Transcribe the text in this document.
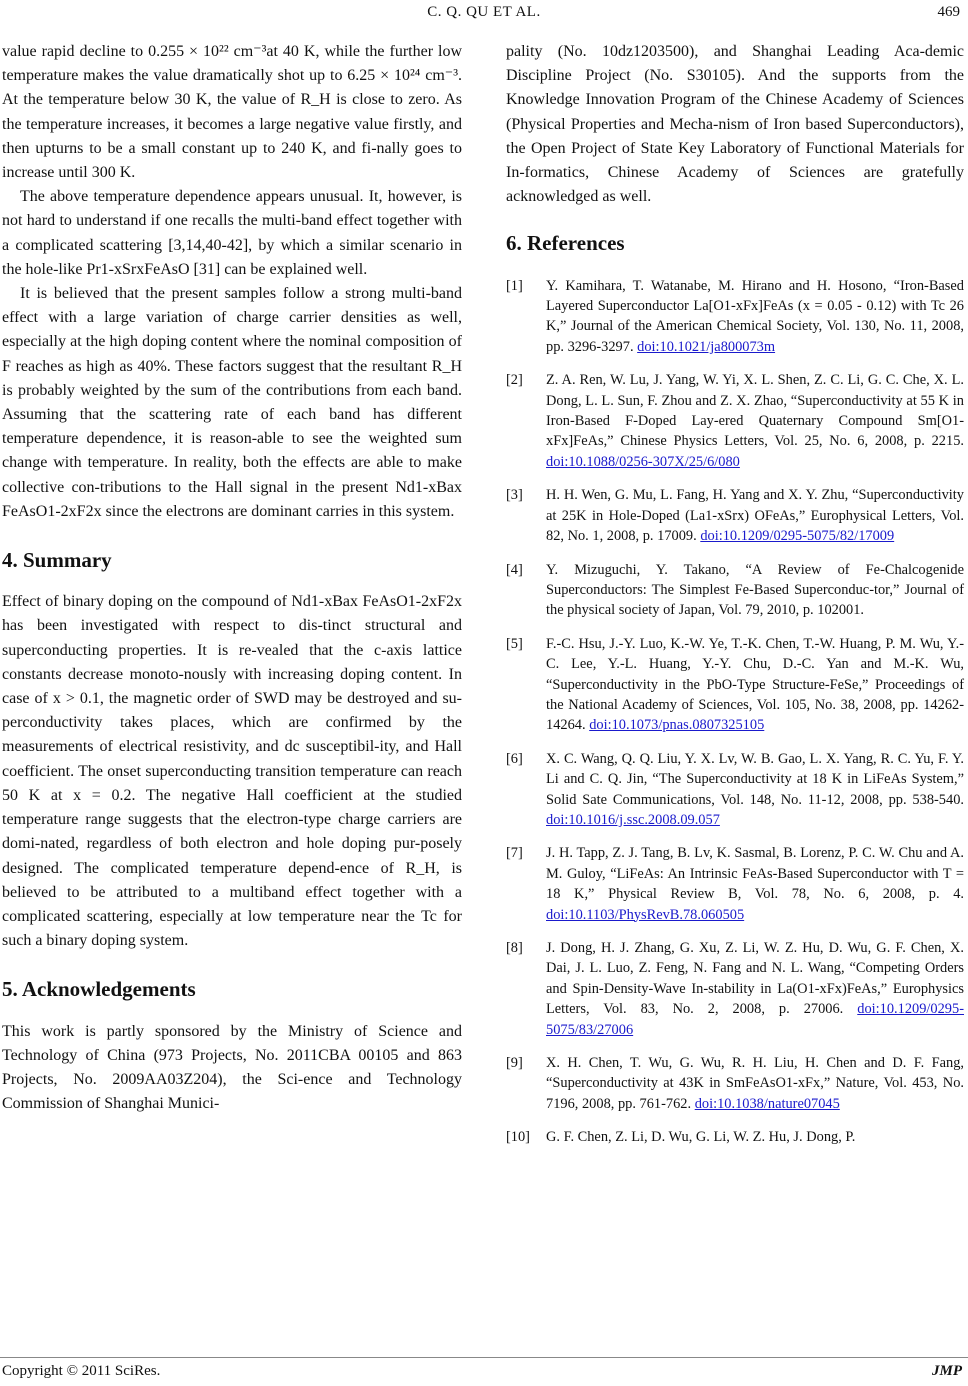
C. Q. QU ET AL.	469

value rapid decline to 0.255 × 10²² cm⁻³at 40 K, while the further low temperature makes the value dramatically shot up to 6.25 × 10²⁴ cm⁻³. At the temperature below 30 K, the value of R_H is close to zero. As the temperature increases, it becomes a large negative value firstly, and then upturns to be a small constant up to 240 K, and fi-nally goes to increase until 300 K.

The above temperature dependence appears unusual. It, however, is not hard to understand if one recalls the multi-band effect together with a complicated scattering [3,14,40-42], by which a similar scenario in the hole-like Pr1-xSrxFeAsO [31] can be explained well.

It is believed that the present samples follow a strong multi-band effect with a large variation of charge carrier densities as well, especially at the high doping content where the nominal composition of F reaches as high as 40%. These factors suggest that the resultant R_H is probably weighted by the sum of the contributions from each band. Assuming that the scattering rate of each band has different temperature dependence, it is reason-able to see the weighted sum change with temperature. In reality, both the effects are able to make collective con-tributions to the Hall signal in the present Nd1-xBax FeAsO1-2xF2x since the electrons are dominant carries in this system.

4. Summary

Effect of binary doping on the compound of Nd1-xBax FeAsO1-2xF2x has been investigated with respect to dis-tinct structural and superconducting properties. It is re-vealed that the c-axis lattice constants decrease monoto-nously with increasing doping content. In case of x > 0.1, the magnetic order of SWD may be destroyed and su-perconductivity takes places, which are confirmed by the measurements of electrical resistivity, and dc susceptibil-ity, and Hall coefficient. The onset superconducting transition temperature can reach 50 K at x = 0.2. The negative Hall coefficient at the studied temperature range suggests that the electron-type charge carriers are domi-nated, regardless of both electron and hole doping pur-posely designed. The complicated temperature depend-ence of R_H, is believed to be attributed to a multiband effect together with a complicated scattering, especially at low temperature near the Tc for such a binary doping system.

5. Acknowledgements

This work is partly sponsored by the Ministry of Science and Technology of China (973 Projects, No. 2011CBA 00105 and 863 Projects, No. 2009AA03Z204), the Sci-ence and Technology Commission of Shanghai Munici-

pality (No. 10dz1203500), and Shanghai Leading Aca-demic Discipline Project (No. S30105). And the supports from the Knowledge Innovation Program of the Chinese Academy of Sciences (Physical Properties and Mecha-nism of Iron based Superconductors), the Open Project of State Key Laboratory of Functional Materials for In-formatics, Chinese Academy of Sciences are gratefully acknowledged as well.

6. References
[1] Y. Kamihara, T. Watanabe, M. Hirano and H. Hosono, “Iron-Based Layered Superconductor La[O1-xFx]FeAs (x = 0.05 - 0.12) with Tc 26 K,” Journal of the American Chemical Society, Vol. 130, No. 11, 2008, pp. 3296-3297. doi:10.1021/ja800073m
[2] Z. A. Ren, W. Lu, J. Yang, W. Yi, X. L. Shen, Z. C. Li, G. C. Che, X. L. Dong, L. L. Sun, F. Zhou and Z. X. Zhao, “Superconductivity at 55 K in Iron-Based F-Doped Lay-ered Quaternary Compound Sm[O1-xFx]FeAs,” Chinese Physics Letters, Vol. 25, No. 6, 2008, p. 2215. doi:10.1088/0256-307X/25/6/080
[3] H. H. Wen, G. Mu, L. Fang, H. Yang and X. Y. Zhu, “Superconductivity at 25K in Hole-Doped (La1-xSrx) OFeAs,” Europhysical Letters, Vol. 82, No. 1, 2008, p. 17009. doi:10.1209/0295-5075/82/17009
[4] Y. Mizuguchi, Y. Takano, “A Review of Fe-Chalcogenide Superconductors: The Simplest Fe-Based Superconduc-tor,” Journal of the physical society of Japan, Vol. 79, 2010, p. 102001.
[5] F.-C. Hsu, J.-Y. Luo, K.-W. Ye, T.-K. Chen, T.-W. Huang, P. M. Wu, Y.-C. Lee, Y.-L. Huang, Y.-Y. Chu, D.-C. Yan and M.-K. Wu, “Superconductivity in the PbO-Type Structure-FeSe,” Proceedings of the National Academy of Sciences, Vol. 105, No. 38, 2008, pp. 14262-14264. doi:10.1073/pnas.0807325105
[6] X. C. Wang, Q. Q. Liu, Y. X. Lv, W. B. Gao, L. X. Yang, R. C. Yu, F. Y. Li and C. Q. Jin, “The Superconductivity at 18 K in LiFeAs System,” Solid Sate Communications, Vol. 148, No. 11-12, 2008, pp. 538-540. doi:10.1016/j.ssc.2008.09.057
[7] J. H. Tapp, Z. J. Tang, B. Lv, K. Sasmal, B. Lorenz, P. C. W. Chu and A. M. Guloy, “LiFeAs: An Intrinsic FeAs-Based Superconductor with T = 18 K,” Physical Review B, Vol. 78, No. 6, 2008, p. 4. doi:10.1103/PhysRevB.78.060505
[8] J. Dong, H. J. Zhang, G. Xu, Z. Li, W. Z. Hu, D. Wu, G. F. Chen, X. Dai, J. L. Luo, Z. Feng, N. Fang and N. L. Wang, “Competing Orders and Spin-Density-Wave In-stability in La(O1-xFx)FeAs,” Europhysics Letters, Vol. 83, No. 2, 2008, p. 27006. doi:10.1209/0295-5075/83/27006
[9] X. H. Chen, T. Wu, G. Wu, R. H. Liu, H. Chen and D. F. Fang, “Superconductivity at 43K in SmFeAsO1-xFx,” Nature, Vol. 453, No. 7196, 2008, pp. 761-762. doi:10.1038/nature07045
[10] G. F. Chen, Z. Li, D. Wu, G. Li, W. Z. Hu, J. Dong, P.
Copyright © 2011 SciRes.	JMP
